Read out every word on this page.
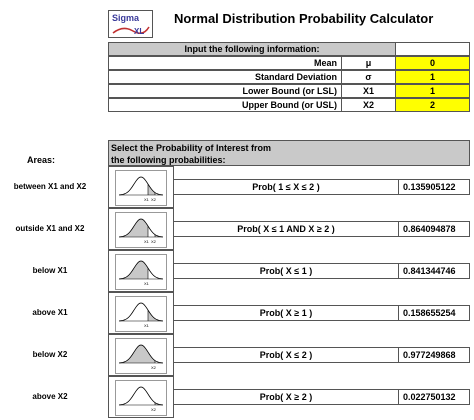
Sigma
XL
Normal Distribution Probability Calculator
Input the following information:
Mean	μ	0
Standard Deviation	σ	1
Lower Bound (or LSL)	X1	1
Upper Bound (or USL)	X2	2
Select the Probability of Interest from
the following probabilities:
Areas:
between X1 and X2
X1 X2
Prob( 1 ≤ X ≤ 2 )	0.135905122
outside X1 and X2
X1 X2
Prob( X ≤ 1 AND X ≥ 2 )	0.864094878
below X1
X1
Prob( X ≤ 1 )	0.841344746
above X1
X1
Prob( X ≥ 1 )	0.158655254
below X2
X2
Prob( X ≤ 2 )	0.977249868
above X2
X2
Prob( X ≥ 2 )	0.022750132
